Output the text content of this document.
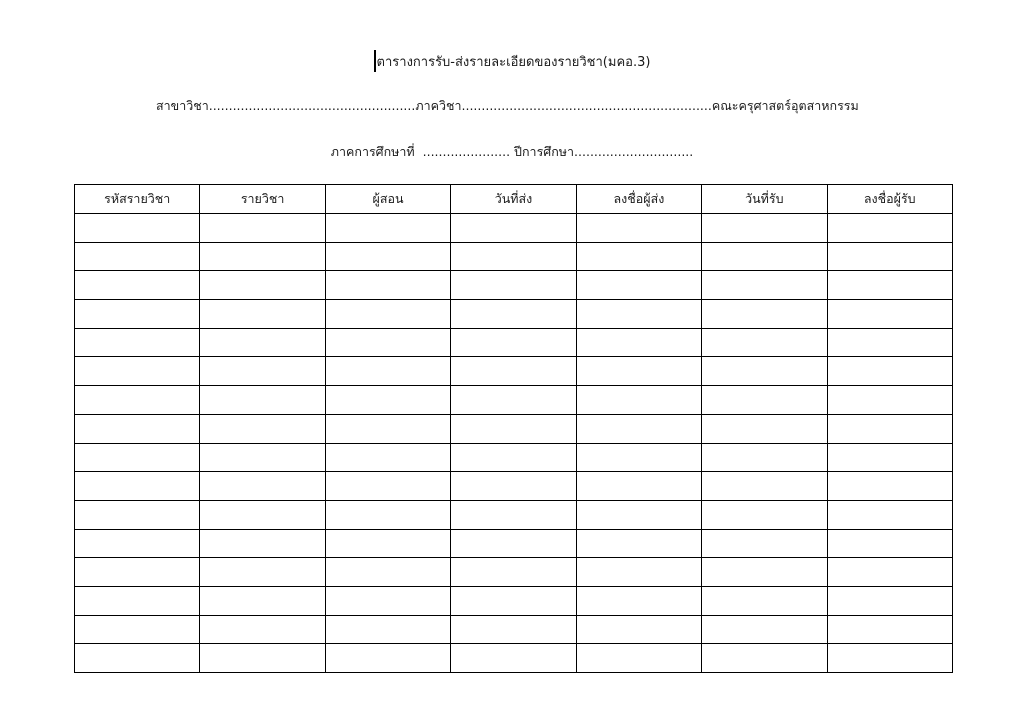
ตารางการรับ-ส่งรายละเอียดของรายวิชา(มคอ.3)
สาขาวิชา....................................................ภาควิชา...............................................................คณะครุศาสตร์อุตสาหกรรม
ภาคการศึกษาที่ ...................... ปีการศึกษา..............................
รหัสรายวิชา	รายวิชา	ผู้สอน	วันที่ส่ง	ลงชื่อผู้ส่ง	วันที่รับ	ลงชื่อผู้รับ
